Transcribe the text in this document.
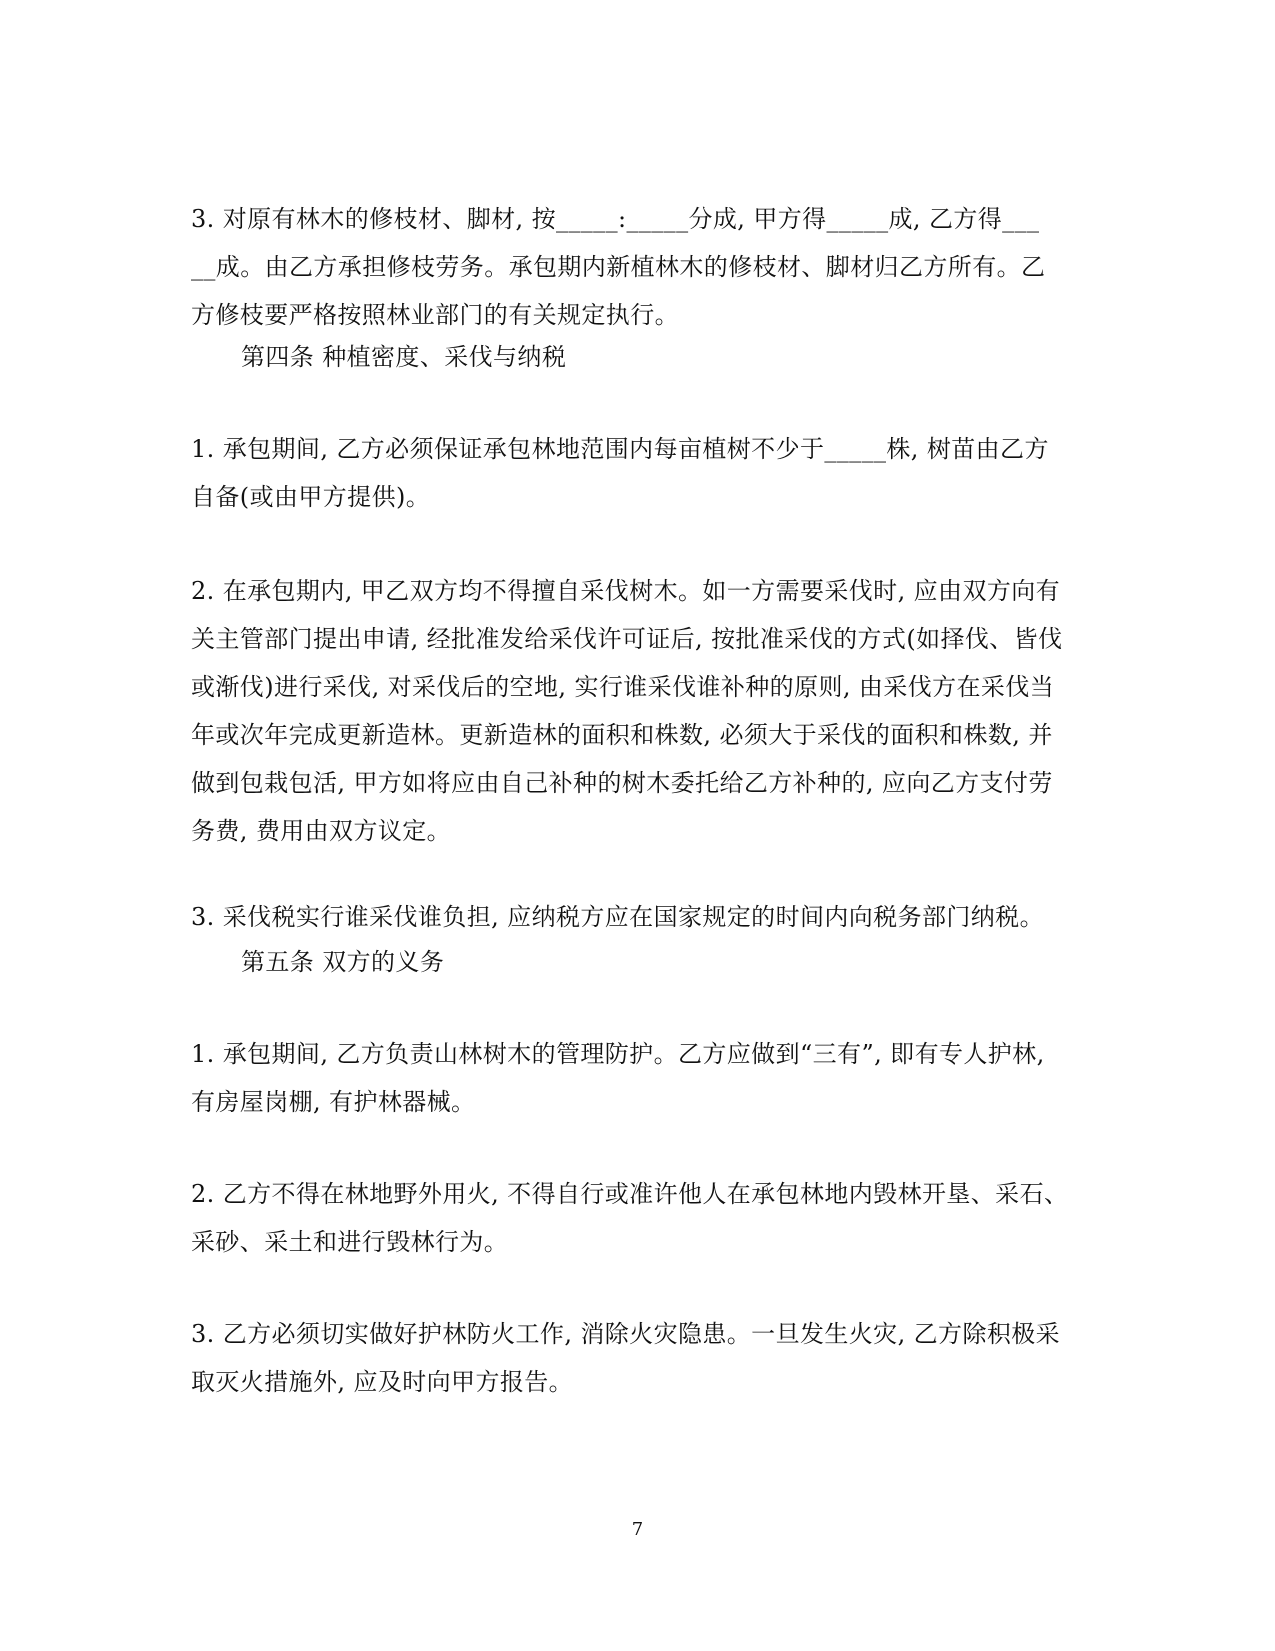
3. 对原有林木的修枝材、脚材, 按_____:_____分成, 甲方得_____成, 乙方得___
__成。由乙方承担修枝劳务。承包期内新植林木的修枝材、脚材归乙方所有。乙
方修枝要严格按照林业部门的有关规定执行。
第四条 种植密度、采伐与纳税
1. 承包期间, 乙方必须保证承包林地范围内每亩植树不少于_____株, 树苗由乙方
自备(或由甲方提供)。
2. 在承包期内, 甲乙双方均不得擅自采伐树木。如一方需要采伐时, 应由双方向有
关主管部门提出申请, 经批准发给采伐许可证后, 按批准采伐的方式(如择伐、皆伐
或渐伐)进行采伐, 对采伐后的空地, 实行谁采伐谁补种的原则, 由采伐方在采伐当
年或次年完成更新造林。更新造林的面积和株数, 必须大于采伐的面积和株数, 并
做到包栽包活, 甲方如将应由自己补种的树木委托给乙方补种的, 应向乙方支付劳
务费, 费用由双方议定。
3. 采伐税实行谁采伐谁负担, 应纳税方应在国家规定的时间内向税务部门纳税。
第五条 双方的义务
1. 承包期间, 乙方负责山林树木的管理防护。乙方应做到“三有”, 即有专人护林,
有房屋岗棚, 有护林器械。
2. 乙方不得在林地野外用火, 不得自行或准许他人在承包林地内毁林开垦、采石、
采砂、采土和进行毁林行为。
3. 乙方必须切实做好护林防火工作, 消除火灾隐患。一旦发生火灾, 乙方除积极采
取灭火措施外, 应及时向甲方报告。
7
